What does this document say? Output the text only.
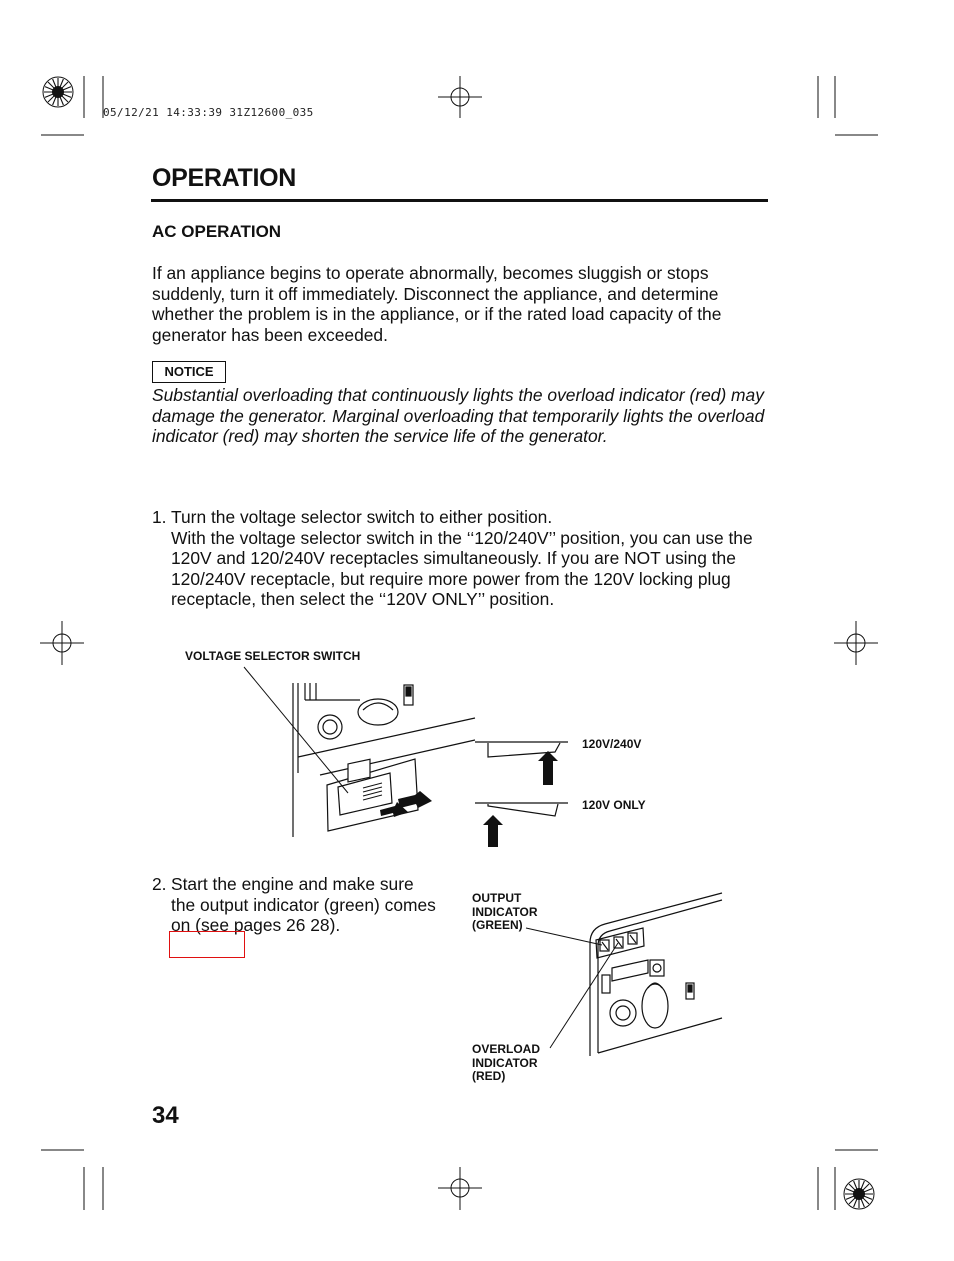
05/12/21 14:33:39 31Z12600_035
OPERATION
AC OPERATION

If an appliance begins to operate abnormally, becomes sluggish or stops suddenly, turn it off immediately. Disconnect the appliance, and determine whether the problem is in the appliance, or if the rated load capacity of the generator has been exceeded.

NOTICE

Substantial overloading that continuously lights the overload indicator (red) may damage the generator. Marginal overloading that temporarily lights the overload indicator (red) may shorten the service life of the generator.

1. Turn the voltage selector switch to either position.
With the voltage selector switch in the ‘‘120/240V’’ position, you can use the 120V and 120/240V receptacles simultaneously. If you are NOT using the 120/240V receptacle, but require more power from the 120V locking plug receptacle, then select the ‘‘120V ONLY’’ position.

VOLTAGE SELECTOR SWITCH
120V/240V
120V ONLY
2. Start the engine and make sure the output indicator (green) comes on (see pages 26 28).

OUTPUT
INDICATOR
(GREEN)
OVERLOAD
INDICATOR
(RED)
34
